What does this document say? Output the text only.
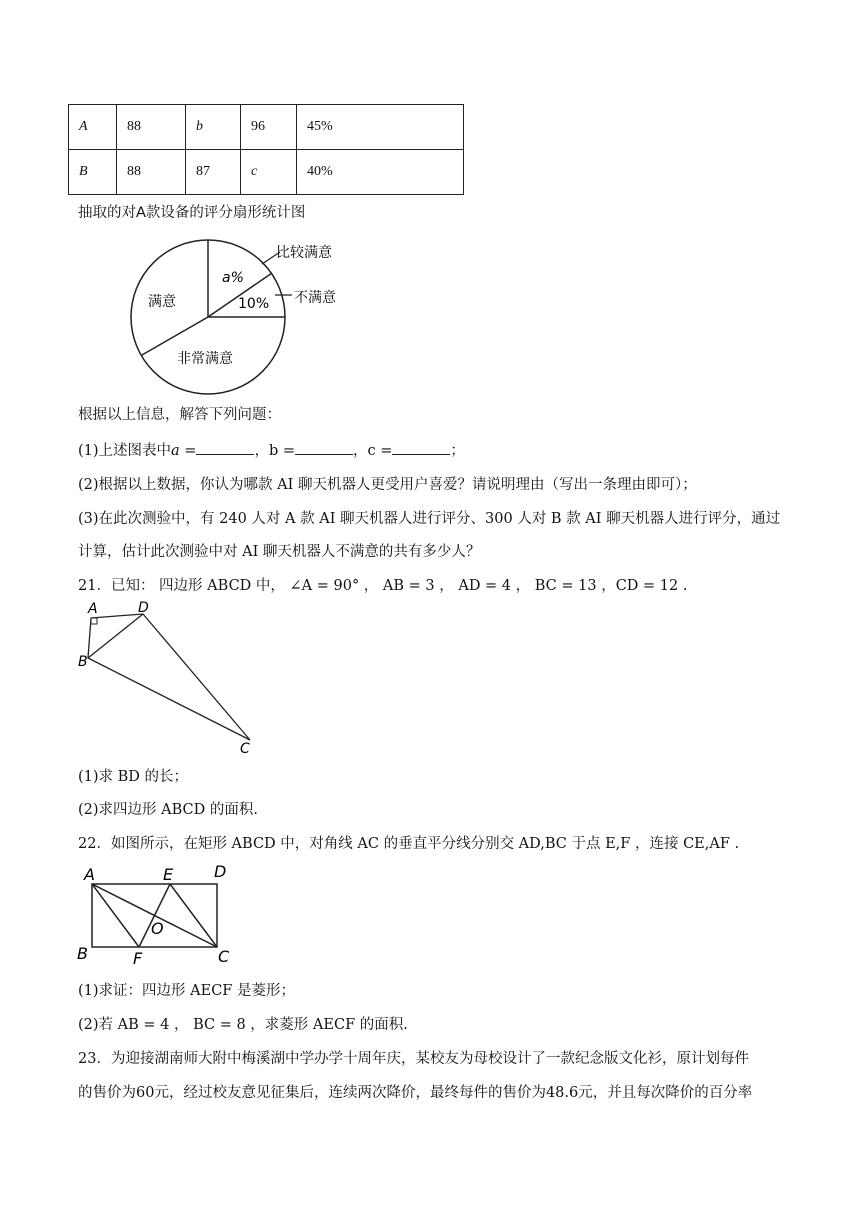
A	88	b	96	45%
B	88	87	c	40%
抽取的对A款设备的评分扇形统计图
满意
非常满意
a%
10%
比较满意
不满意
根据以上信息，解答下列问题：
(1)上述图表中a =	，b =	，c =	；
(2)根据以上数据，你认为哪款 AI 聊天机器人更受用户喜爱？请说明理由（写出一条理由即可）；
(3)在此次测验中，有 240 人对 A 款 AI 聊天机器人进行评分、300 人对 B 款 AI 聊天机器人进行评分，通过
计算，估计此次测验中对 AI 聊天机器人不满意的共有多少人？
21．已知： 四边形 ABCD 中， ∠A = 90° ， AB = 3 ， AD = 4 ， BC = 13 ，CD = 12 .
A	D
B
C
(1)求 BD 的长；
(2)求四边形 ABCD 的面积.
22．如图所示，在矩形 ABCD 中，对角线 AC 的垂直平分线分别交 AD,BC 于点 E,F ，连接 CE,AF .
A	E	D
B	F
O
C
(1)求证：四边形 AECF 是菱形；
(2)若 AB = 4 ， BC = 8 ，求菱形 AECF 的面积.
23．为迎接湖南师大附中梅溪湖中学办学十周年庆，某校友为母校设计了一款纪念版文化衫，原计划每件
的售价为60元，经过校友意见征集后，连续两次降价，最终每件的售价为48.6元，并且每次降价的百分率
